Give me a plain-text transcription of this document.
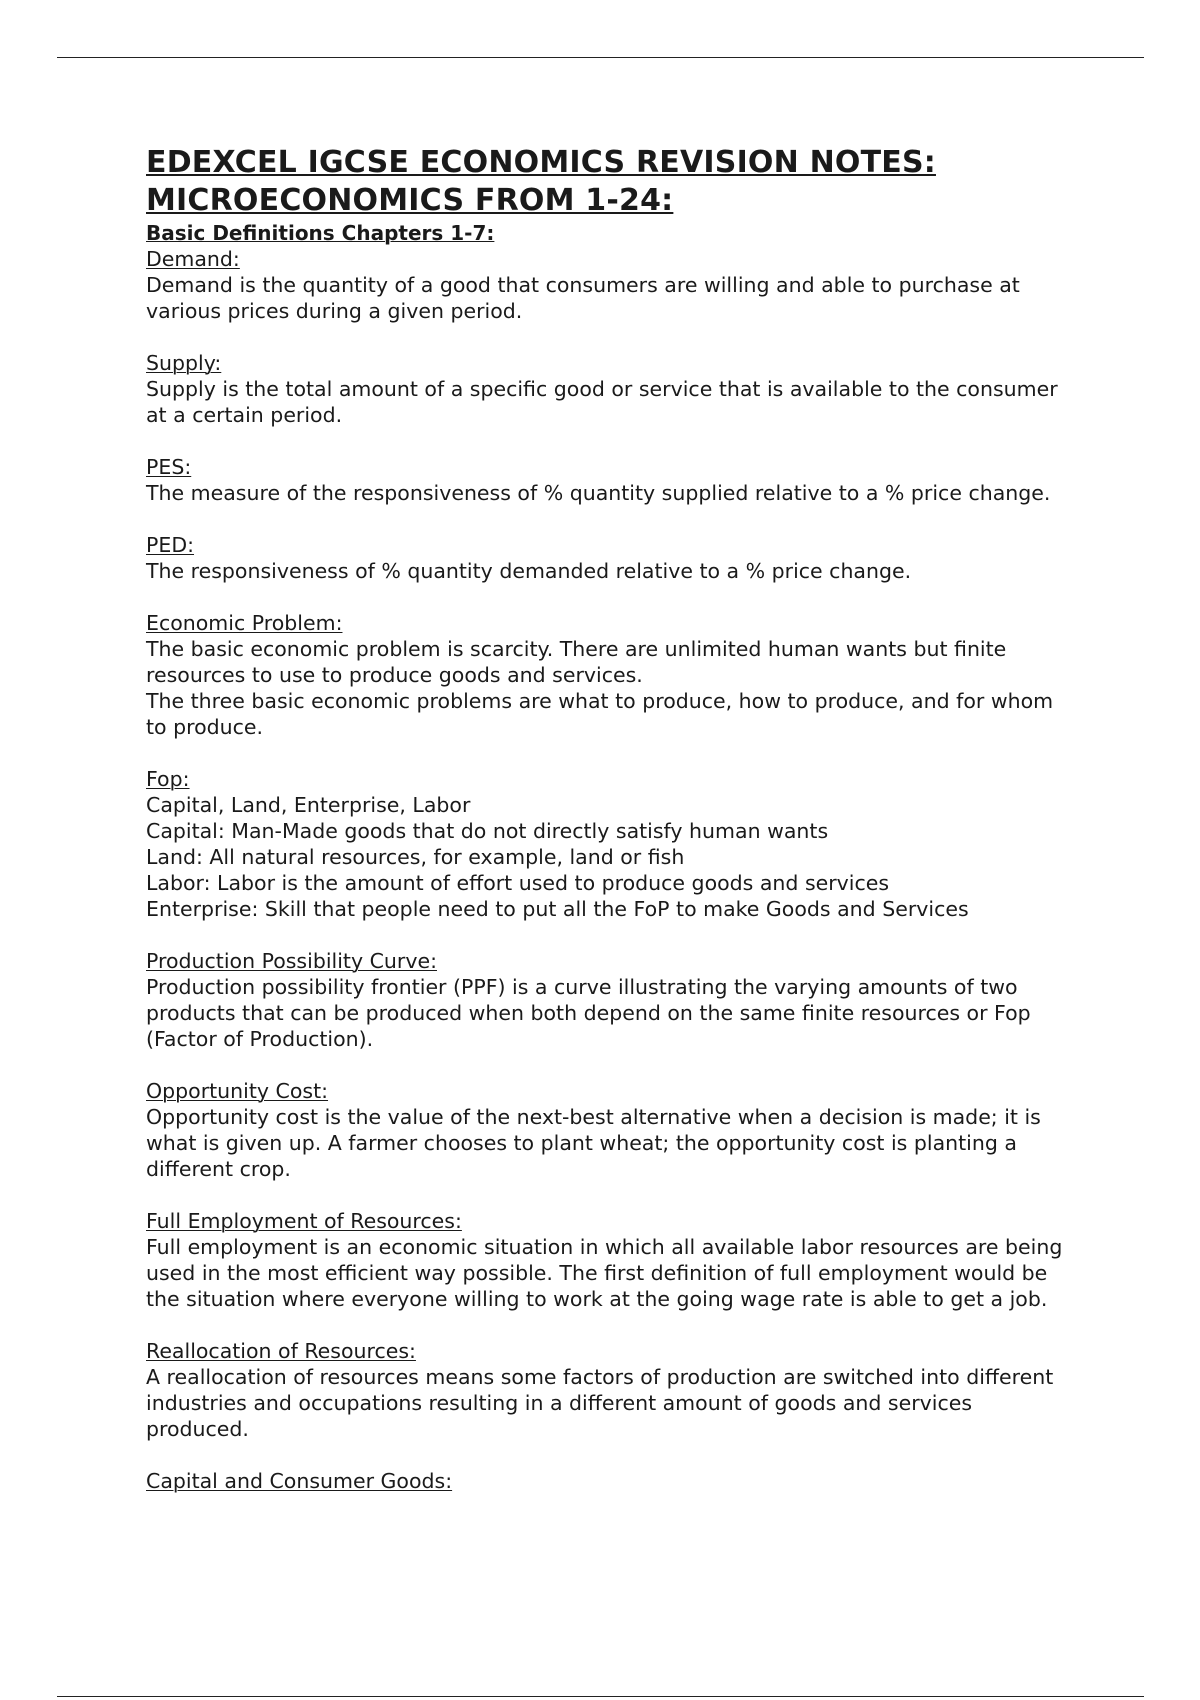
EDEXCEL IGCSE ECONOMICS REVISION NOTES:
MICROECONOMICS FROM 1-24:
Basic Definitions Chapters 1-7:
Demand:

Demand is the quantity of a good that consumers are willing and able to purchase at various prices during a given period.

Supply:

Supply is the total amount of a specific good or service that is available to the consumer at a certain period.

PES:

The measure of the responsiveness of % quantity supplied relative to a % price change.

PED:

The responsiveness of % quantity demanded relative to a % price change.

Economic Problem:

The basic economic problem is scarcity. There are unlimited human wants but finite resources to use to produce goods and services.

The three basic economic problems are what to produce, how to produce, and for whom to produce.

Fop:

Capital, Land, Enterprise, Labor

Capital: Man-Made goods that do not directly satisfy human wants

Land: All natural resources, for example, land or fish

Labor: Labor is the amount of effort used to produce goods and services

Enterprise: Skill that people need to put all the FoP to make Goods and Services

Production Possibility Curve:

Production possibility frontier (PPF) is a curve illustrating the varying amounts of two products that can be produced when both depend on the same finite resources or Fop (Factor of Production).

Opportunity Cost:

Opportunity cost is the value of the next-best alternative when a decision is made; it is what is given up. A farmer chooses to plant wheat; the opportunity cost is planting a different crop.

Full Employment of Resources:

Full employment is an economic situation in which all available labor resources are being used in the most efficient way possible. The first definition of full employment would be the situation where everyone willing to work at the going wage rate is able to get a job.

Reallocation of Resources:

A reallocation of resources means some factors of production are switched into different industries and occupations resulting in a different amount of goods and services produced.

Capital and Consumer Goods:
